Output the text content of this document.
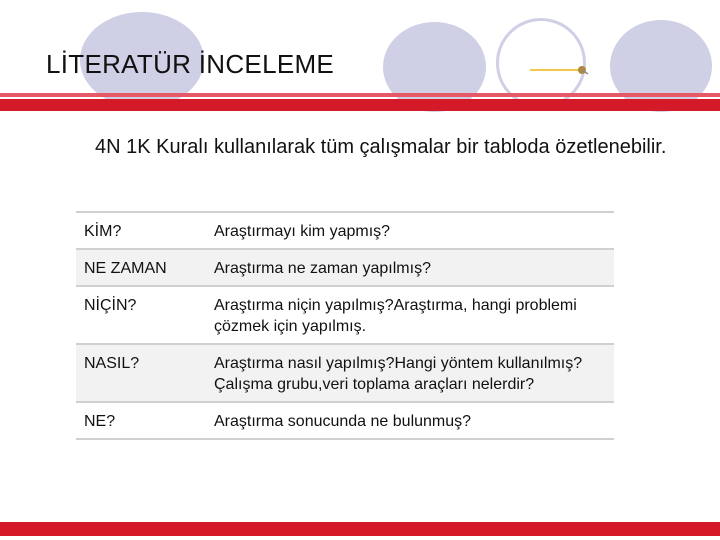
LİTERATÜR İNCELEME

4N 1K Kuralı kullanılarak tüm çalışmalar bir tabloda özetlenebilir.

KİM?	Araştırmayı kim yapmış?
NE ZAMAN	Araştırma ne zaman yapılmış?
NİÇİN?	Araştırma niçin yapılmış?Araştırma, hangi problemi çözmek için yapılmış.
NASIL?	Araştırma nasıl yapılmış?Hangi yöntem kullanılmış?Çalışma grubu,veri toplama araçları nelerdir?
NE?	Araştırma sonucunda ne bulunmuş?
